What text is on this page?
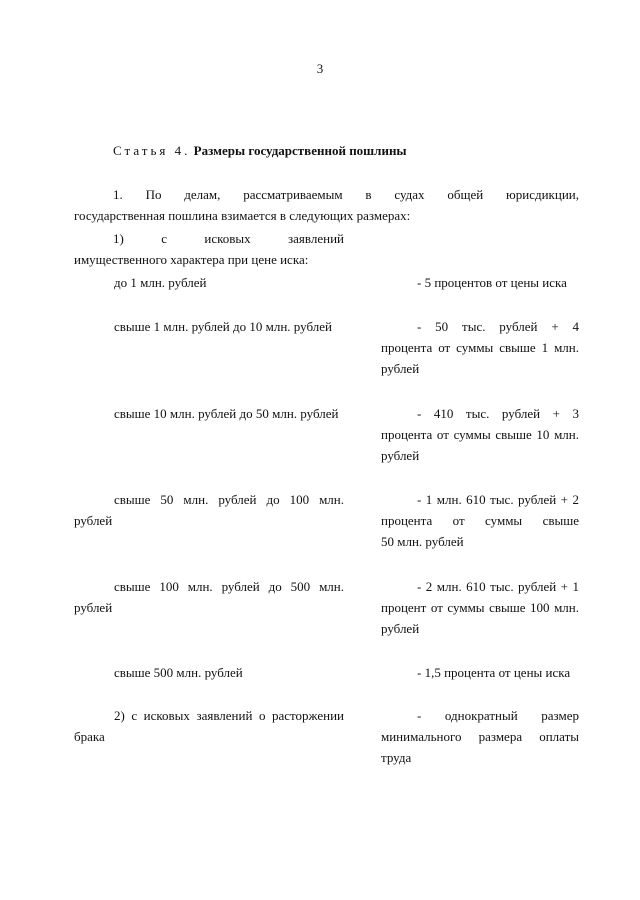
3
Статья 4. Размеры государственной пошлины
1. По делам, рассматриваемым в судах общей юрисдикции,
государственная пошлина взимается в следующих размерах:
1) с исковых заявлений
имущественного характера при цене иска:

до 1 млн. рублей	- 5 процентов от цены иска

свыше 1 млн. рублей до 10 млн. рублей	- 50 тыс. рублей + 4

процента от суммы свыше 1 млн.

рублей

свыше 10 млн. рублей до 50 млн. рублей	- 410 тыс. рублей + 3

процента от суммы свыше 10 млн.

рублей

свыше 50 млн. рублей до 100 млн.

рублей

- 1 млн. 610 тыс. рублей + 2

процента от суммы свыше

50 млн. рублей

свыше 100 млн. рублей до 500 млн.

рублей

- 2 млн. 610 тыс. рублей + 1

процент от суммы свыше 100 млн.

рублей

свыше 500 млн. рублей	- 1,5 процента от цены иска

2) с исковых заявлений о расторжении

брака

- однократный размер

минимального размера оплаты

труда
